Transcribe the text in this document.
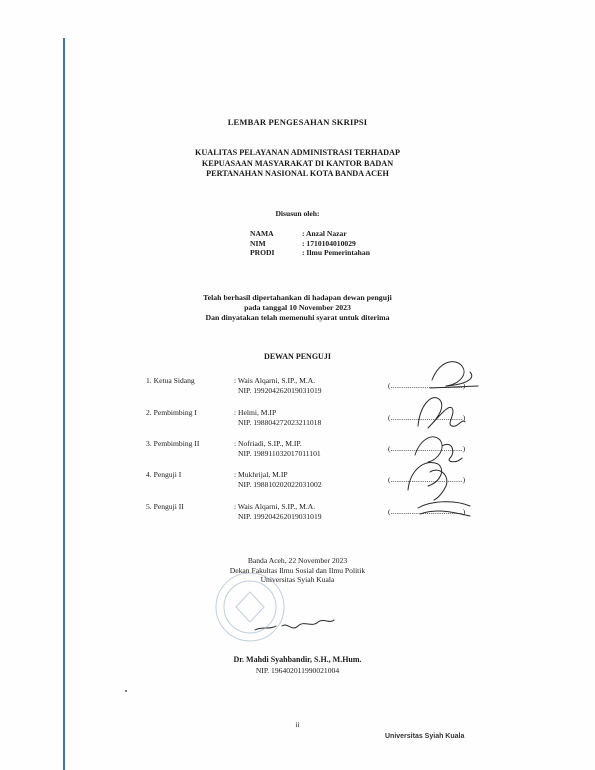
LEMBAR PENGESAHAN SKRIPSI
KUALITAS PELAYANAN ADMINISTRASI TERHADAP
KEPUASAAN MASYARAKAT DI KANTOR BADAN
PERTANAHAN NASIONAL KOTA BANDA ACEH
Disusun oleh:
NAMA	: Anzal Nazar
NIM	: 1710104010029
PRODI	: Ilmu Pemerintahan
Telah berhasil dipertahankan di hadapan dewan penguji
pada tanggal 10 November 2023
Dan dinyatakan telah memenuhi syarat untuk diterima
DEWAN PENGUJI
1. Ketua Sidang	: Wais Alqarni, S.IP., M.A.
NIP. 199204262019031019
(......................................)
2. Pembimbing I	: Helmi, M.IP
NIP. 198804272023211018
(......................................)
3. Pembimbing II	: Nofriadi, S.IP., M.IP.
NIP. 198911032017011101
(......................................)
4. Penguji I	: Mukhrijal, M.IP
NIP. 198810202022031002
(......................................)
5. Penguji II	: Wais Alqarni, S.IP., M.A.
NIP. 199204262019031019
(......................................)
Banda Aceh, 22 November 2023
Dekan Fakultas Ilmu Sosial dan Ilmu Politik
Universitas Syiah Kuala
Dr. Mahdi Syahbandir, S.H., M.Hum.
NIP. 196402011990021004
ii
Universitas Syiah Kuala
